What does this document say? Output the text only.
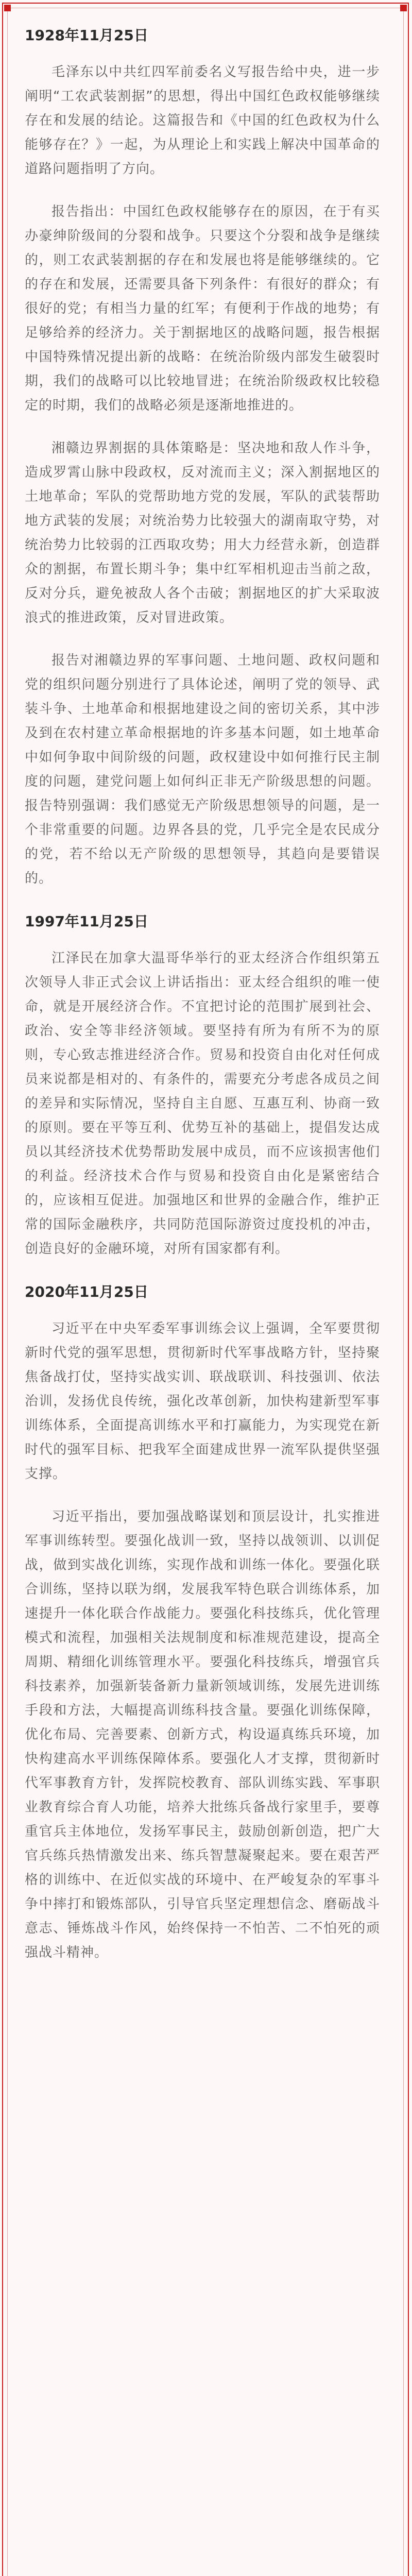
1928年11月25日

毛泽东以中共红四军前委名义写报告给中央，进一步阐明“工农武装割据”的思想，得出中国红色政权能够继续存在和发展的结论。这篇报告和《中国的红色政权为什么能够存在？》一起，为从理论上和实践上解决中国革命的道路问题指明了方向。

报告指出：中国红色政权能够存在的原因，在于有买办豪绅阶级间的分裂和战争。只要这个分裂和战争是继续的，则工农武装割据的存在和发展也将是能够继续的。它的存在和发展，还需要具备下列条件：有很好的群众；有很好的党；有相当力量的红军；有便利于作战的地势；有足够给养的经济力。关于割据地区的战略问题，报告根据中国特殊情况提出新的战略：在统治阶级内部发生破裂时期，我们的战略可以比较地冒进；在统治阶级政权比较稳定的时期，我们的战略必须是逐渐地推进的。

湘赣边界割据的具体策略是：坚决地和敌人作斗争，造成罗霄山脉中段政权，反对流而主义；深入割据地区的土地革命；军队的党帮助地方党的发展，军队的武装帮助地方武装的发展；对统治势力比较强大的湖南取守势，对统治势力比较弱的江西取攻势；用大力经营永新，创造群众的割据，布置长期斗争；集中红军相机迎击当前之敌，反对分兵，避免被敌人各个击破；割据地区的扩大采取波浪式的推进政策，反对冒进政策。

报告对湘赣边界的军事问题、土地问题、政权问题和党的组织问题分别进行了具体论述，阐明了党的领导、武装斗争、土地革命和根据地建设之间的密切关系，其中涉及到在农村建立革命根据地的许多基本问题，如土地革命中如何争取中间阶级的问题，政权建设中如何推行民主制度的问题，建党问题上如何纠正非无产阶级思想的问题。报告特别强调：我们感觉无产阶级思想领导的问题，是一个非常重要的问题。边界各县的党，几乎完全是农民成分的党，若不给以无产阶级的思想领导，其趋向是要错误的。

1997年11月25日

江泽民在加拿大温哥华举行的亚太经济合作组织第五次领导人非正式会议上讲话指出：亚太经合组织的唯一使命，就是开展经济合作。不宜把讨论的范围扩展到社会、政治、安全等非经济领域。要坚持有所为有所不为的原则，专心致志推进经济合作。贸易和投资自由化对任何成员来说都是相对的、有条件的，需要充分考虑各成员之间的差异和实际情况，坚持自主自愿、互惠互利、协商一致的原则。要在平等互利、优势互补的基础上，提倡发达成员以其经济技术优势帮助发展中成员，而不应该损害他们的利益。经济技术合作与贸易和投资自由化是紧密结合的，应该相互促进。加强地区和世界的金融合作，维护正常的国际金融秩序，共同防范国际游资过度投机的冲击，创造良好的金融环境，对所有国家都有利。

2020年11月25日

习近平在中央军委军事训练会议上强调，全军要贯彻新时代党的强军思想，贯彻新时代军事战略方针，坚持聚焦备战打仗，坚持实战实训、联战联训、科技强训、依法治训，发扬优良传统，强化改革创新，加快构建新型军事训练体系，全面提高训练水平和打赢能力，为实现党在新时代的强军目标、把我军全面建成世界一流军队提供坚强支撑。

习近平指出，要加强战略谋划和顶层设计，扎实推进军事训练转型。要强化战训一致，坚持以战领训、以训促战，做到实战化训练，实现作战和训练一体化。要强化联合训练，坚持以联为纲，发展我军特色联合训练体系，加速提升一体化联合作战能力。要强化科技练兵，优化管理模式和流程，加强相关法规制度和标准规范建设，提高全周期、精细化训练管理水平。要强化科技练兵，增强官兵科技素养，加强新装备新力量新领域训练，发展先进训练手段和方法，大幅提高训练科技含量。要强化训练保障，优化布局、完善要素、创新方式，构设逼真练兵环境，加快构建高水平训练保障体系。要强化人才支撑，贯彻新时代军事教育方针，发挥院校教育、部队训练实践、军事职业教育综合育人功能，培养大批练兵备战行家里手，要尊重官兵主体地位，发扬军事民主，鼓励创新创造，把广大官兵练兵热情激发出来、练兵智慧凝聚起来。要在艰苦严格的训练中、在近似实战的环境中、在严峻复杂的军事斗争中摔打和锻炼部队，引导官兵坚定理想信念、磨砺战斗意志、锤炼战斗作风，始终保持一不怕苦、二不怕死的顽强战斗精神。
